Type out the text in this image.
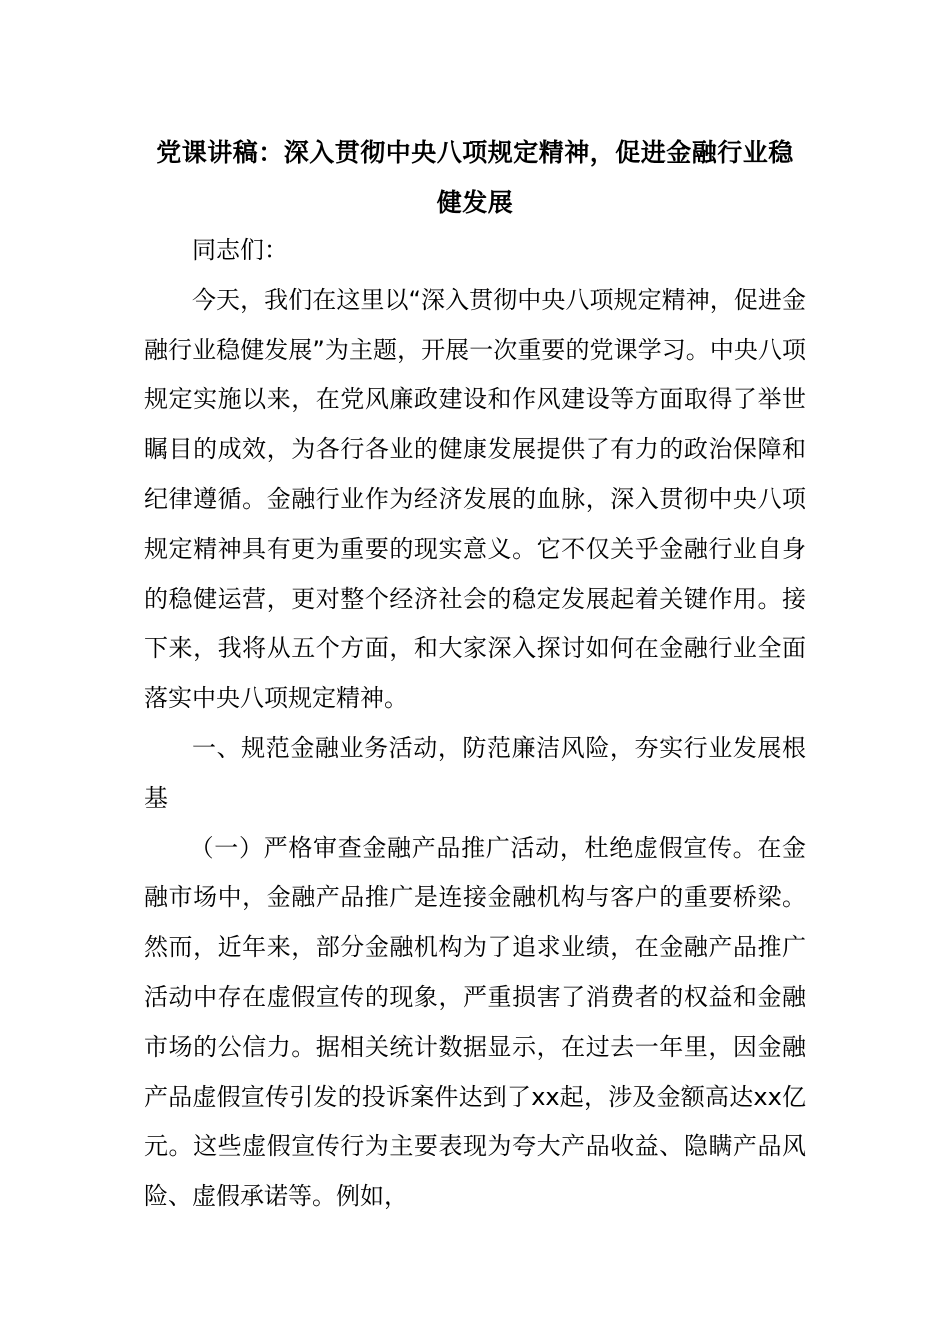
党课讲稿：深入贯彻中央八项规定精神，促进金融行业稳健发展

同志们：

今天，我们在这里以“深入贯彻中央八项规定精神，促进金融行业稳健发展”为主题，开展一次重要的党课学习。中央八项规定实施以来，在党风廉政建设和作风建设等方面取得了举世瞩目的成效，为各行各业的健康发展提供了有力的政治保障和纪律遵循。金融行业作为经济发展的血脉，深入贯彻中央八项规定精神具有更为重要的现实意义。它不仅关乎金融行业自身的稳健运营，更对整个经济社会的稳定发展起着关键作用。接下来，我将从五个方面，和大家深入探讨如何在金融行业全面落实中央八项规定精神。

一、规范金融业务活动，防范廉洁风险，夯实行业发展根基

（一）严格审查金融产品推广活动，杜绝虚假宣传。在金融市场中，金融产品推广是连接金融机构与客户的重要桥梁。然而，近年来，部分金融机构为了追求业绩，在金融产品推广活动中存在虚假宣传的现象，严重损害了消费者的权益和金融市场的公信力。据相关统计数据显示，在过去一年里，因金融产品虚假宣传引发的投诉案件达到了xx起，涉及金额高达xx亿元。这些虚假宣传行为主要表现为夸大产品收益、隐瞒产品风险、虚假承诺等。例如，
